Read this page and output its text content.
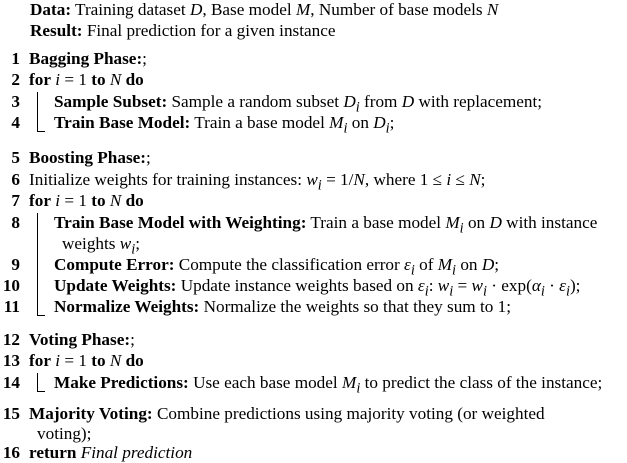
Data: Training dataset D, Base model M, Number of base models N
Result: Final prediction for a given instance
1 Bagging Phase:;
2 for i = 1 to N do
3 Sample Subset: Sample a random subset $D_i$ from D with replacement;
4 Train Base Model: Train a base model $M_i$ on $D_i$;
5 Boosting Phase:;
6 Initialize weights for training instances: $w_i = 1/N$, where 1 ≤ i ≤ N;
7 for i = 1 to N do
8 Train Base Model with Weighting: Train a base model $M_i$ on D with instance
weights $w_i$;
9 Compute Error: Compute the classification error $\varepsilon_i$ of $M_i$ on D;
10 Update Weights: Update instance weights based on $\varepsilon_i$: $w_i = w_i \cdot \exp(\alpha_i \cdot \varepsilon_i)$;
11 Normalize Weights: Normalize the weights so that they sum to 1;
12 Voting Phase:;
13 for i = 1 to N do
14 Make Predictions: Use each base model $M_i$ to predict the class of the instance;
15 Majority Voting: Combine predictions using majority voting (or weighted
voting);
16 return Final prediction
